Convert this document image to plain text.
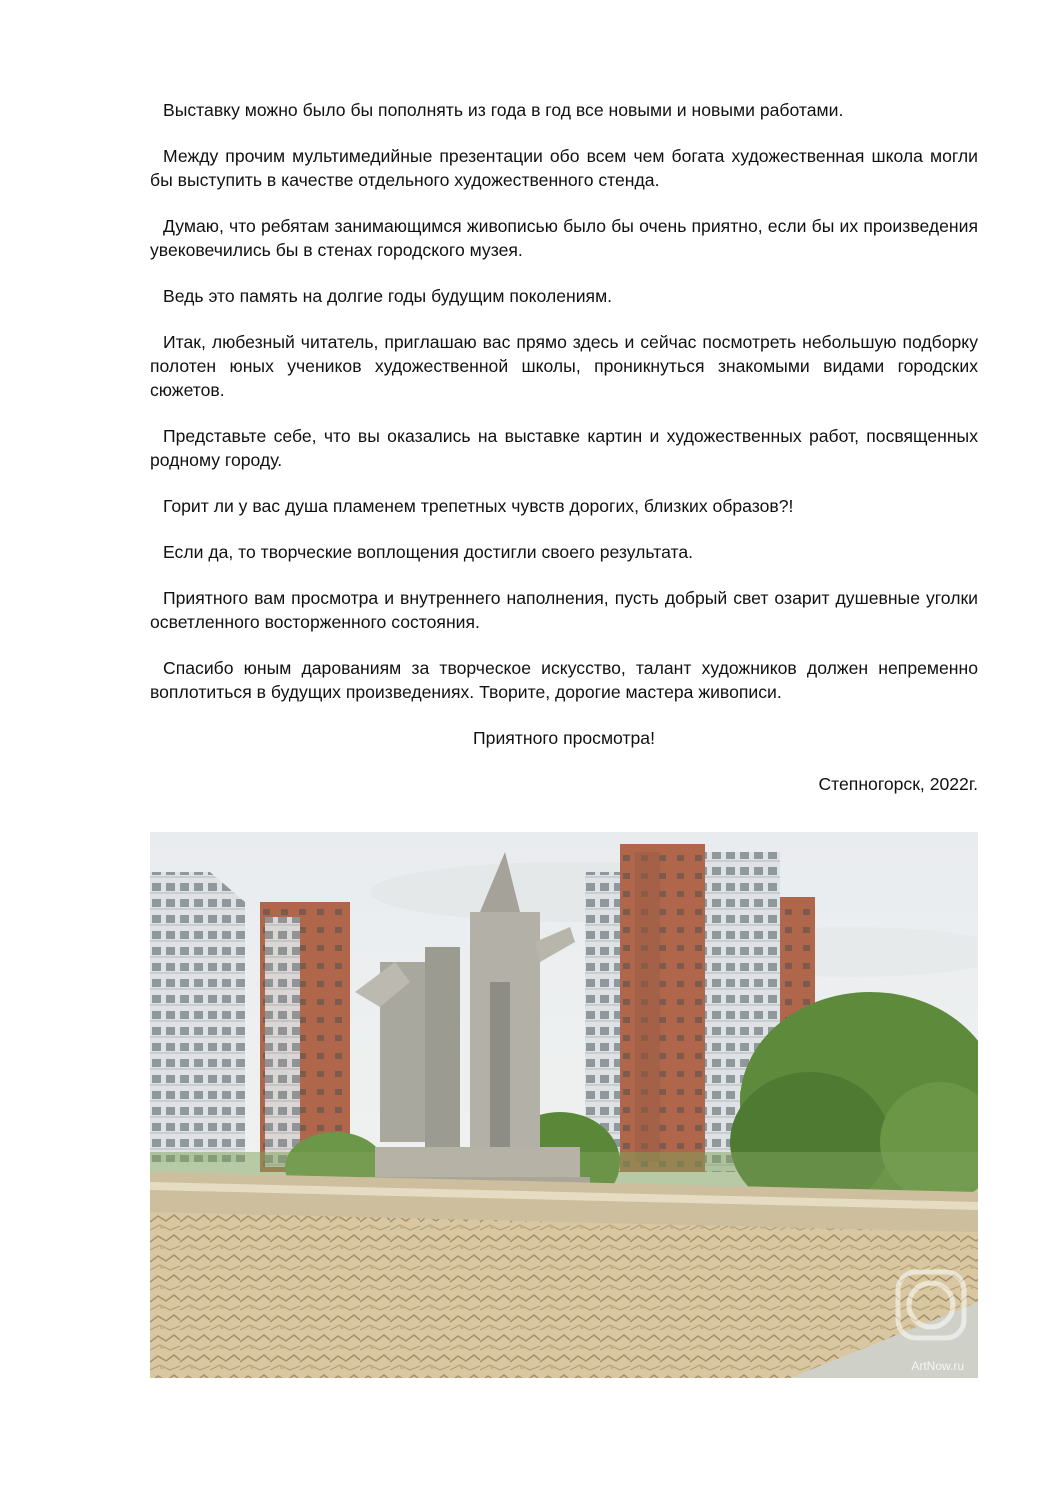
Выставку можно было бы пополнять из года в год все новыми и новыми работами.

Между прочим мультимедийные презентации обо всем чем богата художественная школа могли бы выступить в качестве отдельного художественного стенда.

Думаю, что ребятам занимающимся живописью было бы очень приятно, если бы их произведения увековечились бы в стенах городского музея.

Ведь это память на долгие годы будущим поколениям.

Итак, любезный читатель, приглашаю вас прямо здесь и сейчас посмотреть небольшую подборку полотен юных учеников художественной школы, проникнуться знакомыми видами городских сюжетов.

Представьте себе, что вы оказались на выставке картин и художественных работ, посвященных родному городу.

Горит ли у вас душа пламенем трепетных чувств дорогих, близких образов?!

Если да, то творческие воплощения достигли своего результата.

Приятного вам просмотра и внутреннего наполнения, пусть добрый свет озарит душевные уголки осветленного восторженного состояния.

Спасибо юным дарованиям за творческое искусство, талант художников должен непременно воплотиться в будущих произведениях. Творите, дорогие мастера живописи.

Приятного просмотра!

Степногорск, 2022г.

ArtNow.ru
